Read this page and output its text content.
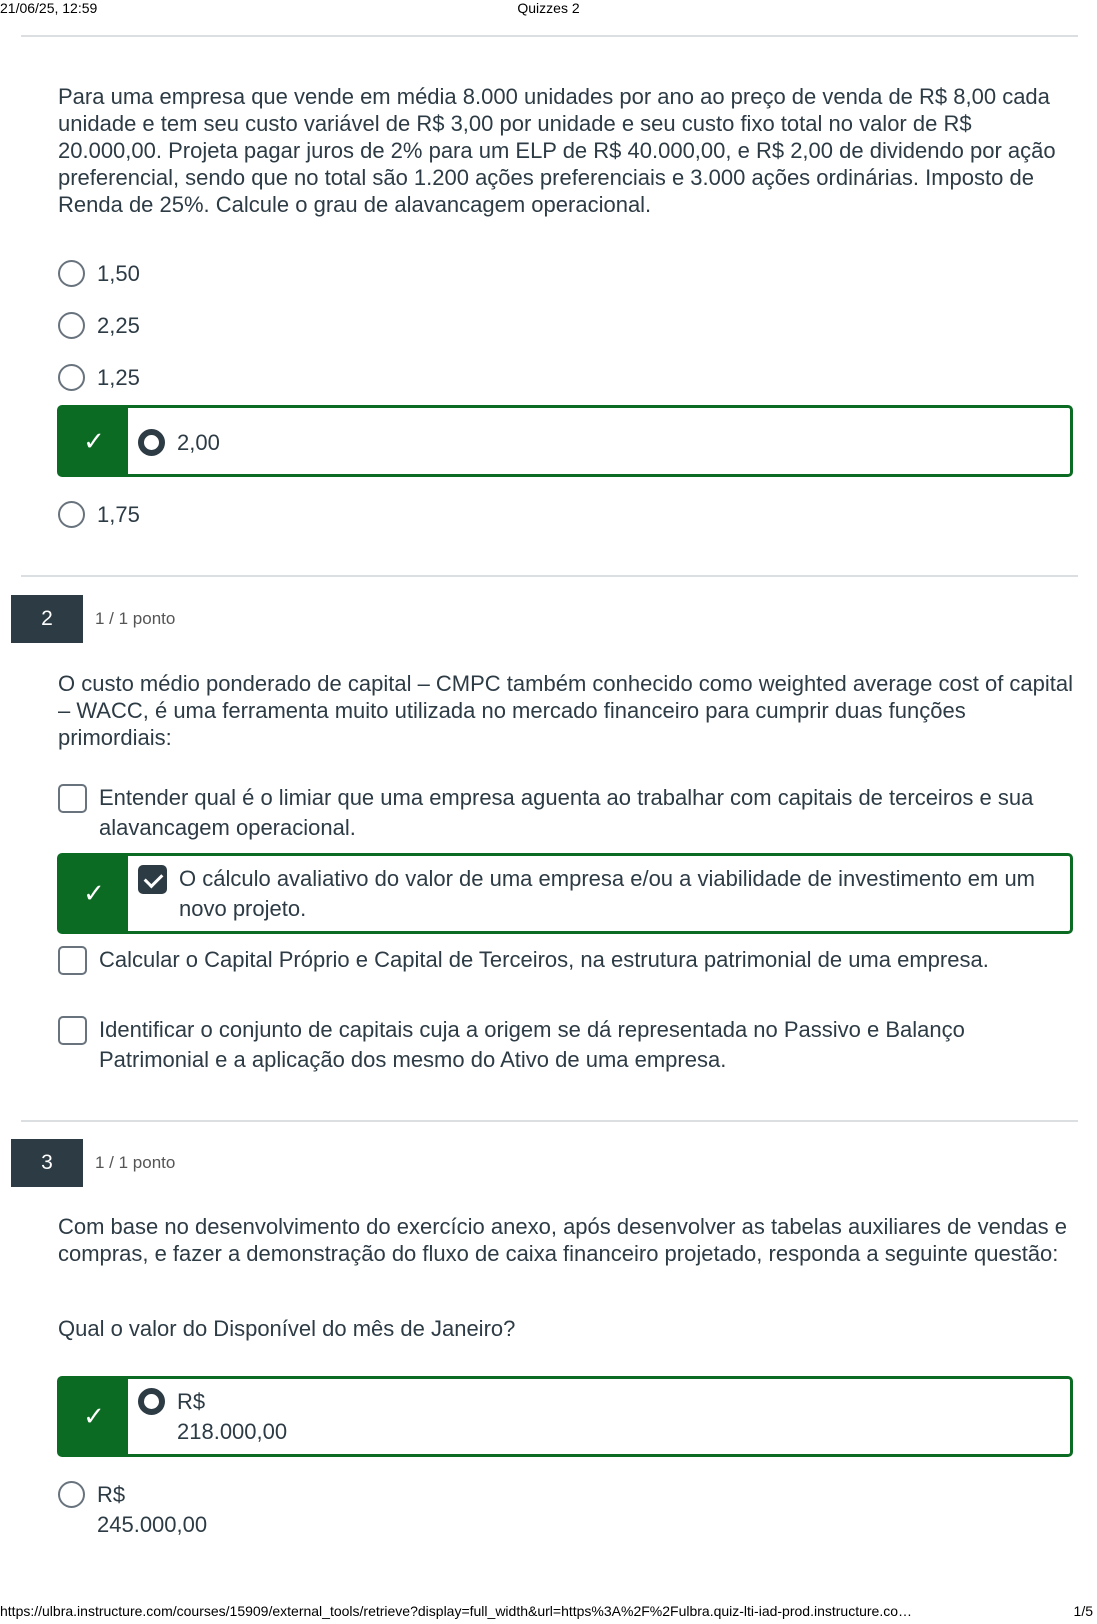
21/06/25, 12:59	Quizzes 2

Para uma empresa que vende em média 8.000 unidades por ano ao preço de venda de R$ 8,00 cada unidade e tem seu custo variável de R$ 3,00 por unidade e seu custo fixo total no valor de R$ 20.000,00. Projeta pagar juros de 2% para um ELP de R$ 40.000,00, e R$ 2,00 de dividendo por ação preferencial, sendo que no total são 1.200 ações preferenciais e 3.000 ações ordinárias. Imposto de Renda de 25%. Calcule o grau de alavancagem operacional.

1,50
2,25
1,25
✓	2,00
1,75
2	1 / 1 ponto

O custo médio ponderado de capital – CMPC também conhecido como weighted average cost of capital – WACC, é uma ferramenta muito utilizada no mercado financeiro para cumprir duas funções primordiais:

Entender qual é o limiar que uma empresa aguenta ao trabalhar com capitais de terceiros e sua alavancagem operacional.
✓	O cálculo avaliativo do valor de uma empresa e/ou a viabilidade de investimento em um novo projeto.
Calcular o Capital Próprio e Capital de Terceiros, na estrutura patrimonial de uma empresa.
Identificar o conjunto de capitais cuja a origem se dá representada no Passivo e Balanço Patrimonial e a aplicação dos mesmo do Ativo de uma empresa.
3	1 / 1 ponto

Com base no desenvolvimento do exercício anexo, após desenvolver as tabelas auxiliares de vendas e compras, e fazer a demonstração do fluxo de caixa financeiro projetado, responda a seguinte questão:

Qual o valor do Disponível do mês de Janeiro?

✓	R$
218.000,00
R$
245.000,00
https://ulbra.instructure.com/courses/15909/external_tools/retrieve?display=full_width&url=https%3A%2F%2Fulbra.quiz-lti-iad-prod.instructure.co…	1/5
